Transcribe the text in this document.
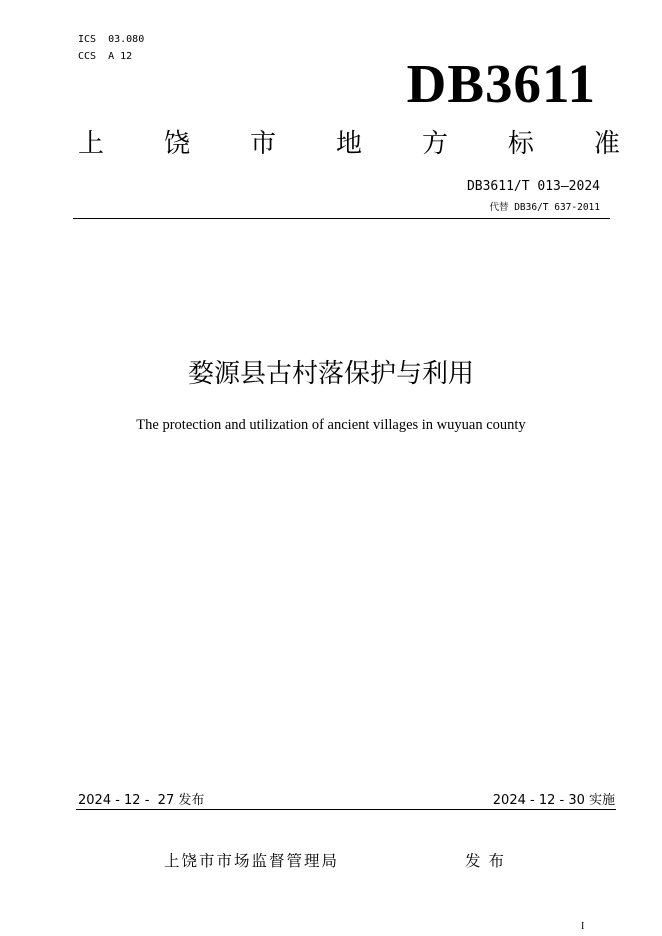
ICS  03.080
CCS  A 12	DB3611
上 饶 市 地 方 标 准
DB3611/T 013—2024
代替 DB36/T 637-2011
婺源县古村落保护与利用
The protection and utilization of ancient villages in wuyuan county
2024 - 12 -  27 发布	2024 - 12 - 30 实施
上饶市市场监督管理局	发布
I
